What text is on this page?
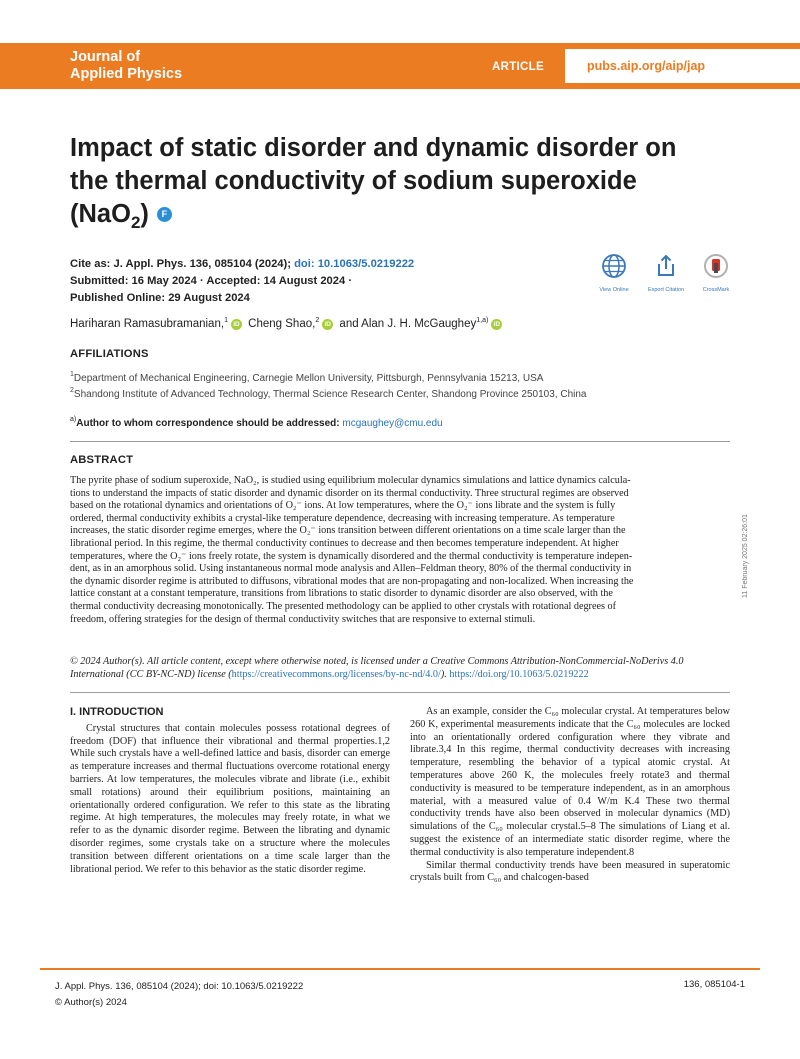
Journal of
Applied Physics	ARTICLE	pubs.aip.org/aip/jap
Impact of static disorder and dynamic disorder on the thermal conductivity of sodium superoxide (NaO$_2$) F
Cite as: J. Appl. Phys. 136, 085104 (2024); doi: 10.1063/5.0219222
Submitted: 16 May 2024 · Accepted: 14 August 2024 ·
Published Online: 29 August 2024
View Online	Export Citation	CrossMark
Hariharan Ramasubramanian,$^1$iD Cheng Shao,$^2$iD and Alan J. H. McGaughey$^{1,a)}$iD
AFFILIATIONS
$^1$Department of Mechanical Engineering, Carnegie Mellon University, Pittsburgh, Pennsylvania 15213, USA
$^2$Shandong Institute of Advanced Technology, Thermal Science Research Center, Shandong Province 250103, China
$^{a)}$Author to whom correspondence should be addressed: mcgaughey@cmu.edu
ABSTRACT
The pyrite phase of sodium superoxide, NaO₂, is studied using equilibrium molecular dynamics simulations and lattice dynamics calcula-
tions to understand the impacts of static disorder and dynamic disorder on its thermal conductivity. Three structural regimes are observed
based on the rotational dynamics and orientations of O₂⁻ ions. At low temperatures, where the O₂⁻ ions librate and the system is fully
ordered, thermal conductivity exhibits a crystal-like temperature dependence, decreasing with increasing temperature. As temperature
increases, the static disorder regime emerges, where the O₂⁻ ions transition between different orientations on a time scale larger than the
librational period. In this regime, the thermal conductivity continues to decrease and then becomes temperature independent. At higher
temperatures, where the O₂⁻ ions freely rotate, the system is dynamically disordered and the thermal conductivity is temperature indepen-
dent, as in an amorphous solid. Using instantaneous normal mode analysis and Allen–Feldman theory, 80% of the thermal conductivity in
the dynamic disorder regime is attributed to diffusons, vibrational modes that are non-propagating and non-localized. When increasing the
lattice constant at a constant temperature, transitions from librations to static disorder to dynamic disorder are also observed, with the
thermal conductivity decreasing monotonically. The presented methodology can be applied to other crystals with rotational degrees of
freedom, offering strategies for the design of thermal conductivity switches that are responsive to external stimuli.
11 February 2025 02:26:01
© 2024 Author(s). All article content, except where otherwise noted, is licensed under a Creative Commons Attribution-NonCommercial-NoDerivs 4.0 International (CC BY-NC-ND) license (https://creativecommons.org/licenses/by-nc-nd/4.0/). https://doi.org/10.1063/5.0219222
I. INTRODUCTION

Crystal structures that contain molecules possess rotational degrees of freedom (DOF) that influence their vibrational and thermal properties.1,2 While such crystals have a well-defined lattice and basis, disorder can emerge as temperature increases and thermal fluctuations overcome rotational energy barriers. At low temperatures, the molecules vibrate and librate (i.e., exhibit small rotations) around their equilibrium positions, maintaining an orientationally ordered configuration. We refer to this state as the librating regime. At high temperatures, the molecules may freely rotate, in what we refer to as the dynamic disorder regime. Between the librating and dynamic disorder regimes, some crystals take on a structure where the molecules transition between different orientations on a time scale larger than the librational period. We refer to this behavior as the static disorder regime.

As an example, consider the C₆₀ molecular crystal. At temperatures below 260 K, experimental measurements indicate that the C₆₀ molecules are locked into an orientationally ordered configuration where they vibrate and librate.3,4 In this regime, thermal conductivity decreases with increasing temperature, resembling the behavior of a typical atomic crystal. At temperatures above 260 K, the molecules freely rotate3 and thermal conductivity is measured to be temperature independent, as in an amorphous material, with a measured value of 0.4 W/m K.4 These two thermal conductivity trends have also been observed in molecular dynamics (MD) simulations of the C₆₀ molecular crystal.5–8 The simulations of Liang et al. suggest the existence of an intermediate static disorder regime, where the thermal conductivity is also temperature independent.8

Similar thermal conductivity trends have been measured in superatomic crystals built from C₆₀ and chalcogen-based

J. Appl. Phys. 136, 085104 (2024); doi: 10.1063/5.0219222
© Author(s) 2024
136, 085104-1
